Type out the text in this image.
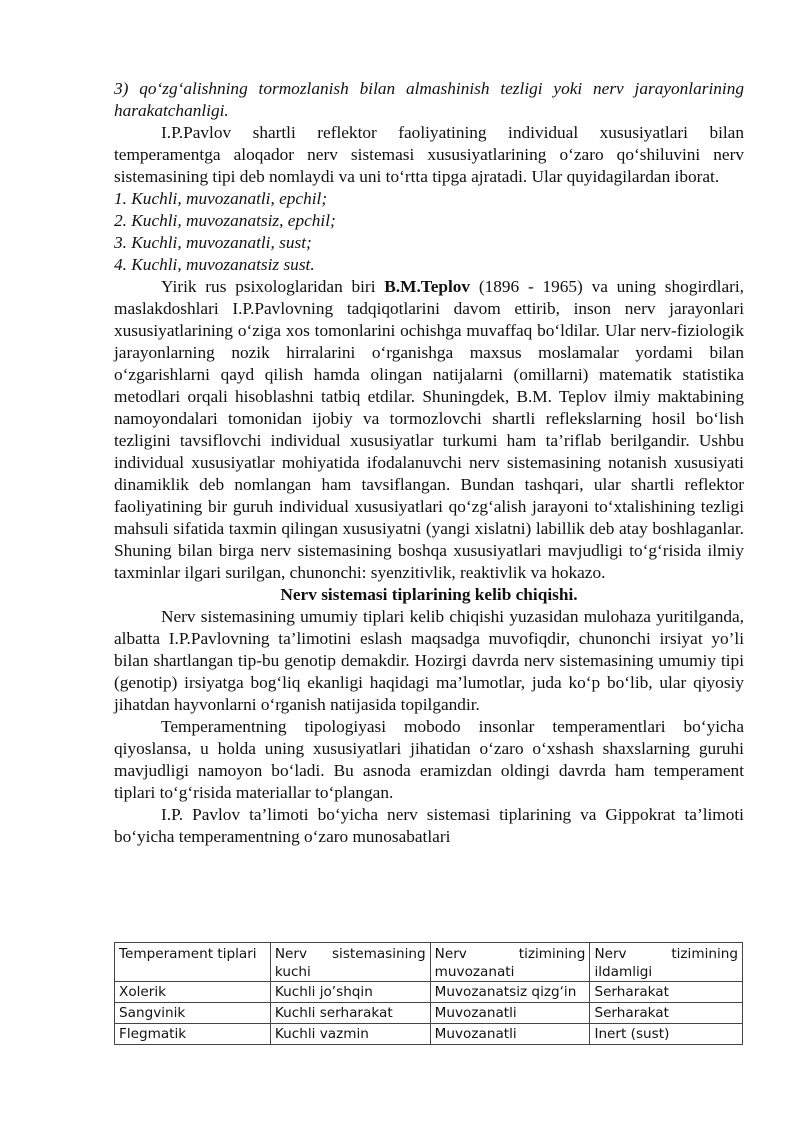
3) qo‘zg‘alishning tormozlanish bilan almashinish tezligi yoki nerv jarayonlarining harakatchanligi.

I.P.Pavlov shartli reflektor faoliyatining individual xususiyatlari bilan temperamentga aloqador nerv sistemasi xususiyatlarining o‘zaro qo‘shiluvini nerv sistemasining tipi deb nomlaydi va uni to‘rtta tipga ajratadi. Ular quyidagilardan iborat.

1. Kuchli, muvozanatli, epchil;

2. Kuchli, muvozanatsiz, epchil;

3. Kuchli, muvozanatli, sust;

4. Kuchli, muvozanatsiz sust.

Yirik rus psixologlaridan biri B.M.Teplov (1896 - 1965) va uning shogirdlari, maslakdoshlari I.P.Pavlovning tadqiqotlarini davom ettirib, inson nerv jarayonlari xususiyatlarining o‘ziga xos tomonlarini ochishga muvaffaq bo‘ldilar. Ular nerv-fiziologik jarayonlarning nozik hirralarini o‘rganishga maxsus moslamalar yordami bilan o‘zgarishlarni qayd qilish hamda olingan natijalarni (omillarni) matematik statistika metodlari orqali hisoblashni tatbiq etdilar. Shuningdek, B.M. Teplov ilmiy maktabining namoyondalari tomonidan ijobiy va tormozlovchi shartli reflekslarning hosil bo‘lish tezligini tavsiflovchi individual xususiyatlar turkumi ham ta’riflab berilgandir. Ushbu individual xususiyatlar mohiyatida ifodalanuvchi nerv sistemasining notanish xususiyati dinamiklik deb nomlangan ham tavsiflangan. Bundan tashqari, ular shartli reflektor faoliyatining bir guruh individual xususiyatlari qo‘zg‘alish jarayoni to‘xtalishining tezligi mahsuli sifatida taxmin qilingan xususiyatni (yangi xislatni) labillik deb atay boshlaganlar. Shuning bilan birga nerv sistemasining boshqa xususiyatlari mavjudligi to‘g‘risida ilmiy taxminlar ilgari surilgan, chunonchi: syenzitivlik, reaktivlik va hokazo.

Nerv sistemasi tiplarining kelib chiqishi.

Nerv sistemasining umumiy tiplari kelib chiqishi yuzasidan mulohaza yuritilganda, albatta I.P.Pavlovning ta’limotini eslash maqsadga muvofiqdir, chunonchi irsiyat yo’li bilan shartlangan tip-bu genotip demakdir. Hozirgi davrda nerv sistemasining umumiy tipi (genotip) irsiyatga bog‘liq ekanligi haqidagi ma’lumotlar, juda ko‘p bo‘lib, ular qiyosiy jihatdan hayvonlarni o‘rganish natijasida topilgandir.

Temperamentning tipologiyasi mobodo insonlar temperamentlari bo‘yicha qiyoslansa, u holda uning xususiyatlari jihatidan o‘zaro o‘xshash shaxslarning guruhi mavjudligi namoyon bo‘ladi. Bu asnoda eramizdan oldingi davrda ham temperament tiplari to‘g‘risida materiallar to‘plangan.

I.P. Pavlov ta’limoti bo‘yicha nerv sistemasi tiplarining va Gippokrat ta’limoti bo‘yicha temperamentning o‘zaro munosabatlari

Temperament tiplari	Nerv sistemasining kuchi	Nerv tizimining muvozanati	Nerv tizimining ildamligi
Xolerik	Kuchli jo’shqin	Muvozanatsiz qizg‘in	Serharakat
Sangvinik	Kuchli serharakat	Muvozanatli	Serharakat
Flegmatik	Kuchli vazmin	Muvozanatli	Inert (sust)
